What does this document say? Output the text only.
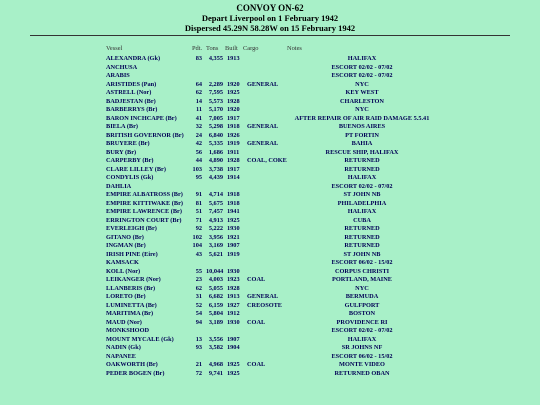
CONVOY ON-62
Depart Liverpool on 1 February 1942
Dispersed 45.29N 58.28W on 15 February 1942
Vessel	Pdt. Tons Built Cargo	Notes
ALEXANDRA (Gk)	83	4,355 1913	HALIFAX
ANCHUSA	ESCORT 02/02 - 07/02
ARABIS	ESCORT 02/02 - 07/02
ARISTIDES (Pan)	64	2,289 1920 GENERAL	NYC
ASTRELL (Nor)	62	7,595 1925	KEY WEST
BADJESTAN (Br)	14	5,573 1928	CHARLESTON
BARBERRYS (Br)	11	5,170 1920	NYC
BARON INCHCAPE (Br)	41	7,005 1917	AFTER REPAIR OF AIR RAID DAMAGE 5.5.41
BIELA (Br)	32	5,298 1918 GENERAL	BUENOS AIRES
BRITISH GOVERNOR (Br)	24	6,840 1926	PT FORTIN
BRUYERE (Br)	42	5,335 1919 GENERAL	BAHIA
BURY (Br)	56	1,686 1911	RESCUE SHIP, HALIFAX
CARPERBY (Br)	44	4,890 1928 COAL, COKE	RETURNED
CLARE LILLEY (Br)	103	3,738 1917	RETURNED
CONDYLIS (Gk)	95	4,439 1914	HALIFAX
DAHLIA	ESCORT 02/02 - 07/02
EMPIRE ALBATROSS (Br)	91	4,714 1918	ST JOHN NB
EMPIRE KITTIWAKE (Br)	81	5,675 1918	PHILADELPHIA
EMPIRE LAWRENCE (Br)	51	7,457 1941	HALIFAX
ERRINGTON COURT (Br)	71	4,913 1925	CUBA
EVERLEIGH (Br)	92	5,222 1930	RETURNED
GITANO (Br)	102	3,956 1921	RETURNED
INGMAN (Br)	104	3,169 1907	RETURNED
IRISH PINE (Eire)	43	5,621 1919	ST JOHN NB
KAMSACK	ESCORT 06/02 - 15/02
KOLL (Nor)	55 10,044 1930	CORPUS CHRISTI
LEIKANGER (Nor)	23	4,003 1923 COAL	PORTLAND, MAINE
LLANBERIS (Br)	62	5,055 1928	NYC
LORETO (Br)	31	6,682 1913 GENERAL	BERMUDA
LUMINETTA (Br)	52	6,159 1927 CREOSOTE	GULFPORT
MARITIMA (Br)	54	5,804 1912	BOSTON
MAUD (Nor)	94	3,189 1930 COAL	PROVIDENCE RI
MONKSHOOD	ESCORT 02/02 - 07/02
MOUNT MYCALE (Gk)	13	3,556 1907	HALIFAX
NADIN (Gk)	93	3,582 1904	SR JOHNS NF
NAPANEE	ESCORT 06/02 - 15/02
OAKWORTH (Br)	21	4,968 1925 COAL	MONTE VIDEO
PEDER BOGEN (Br)	72	9,741 1925	RETURNED OBAN
